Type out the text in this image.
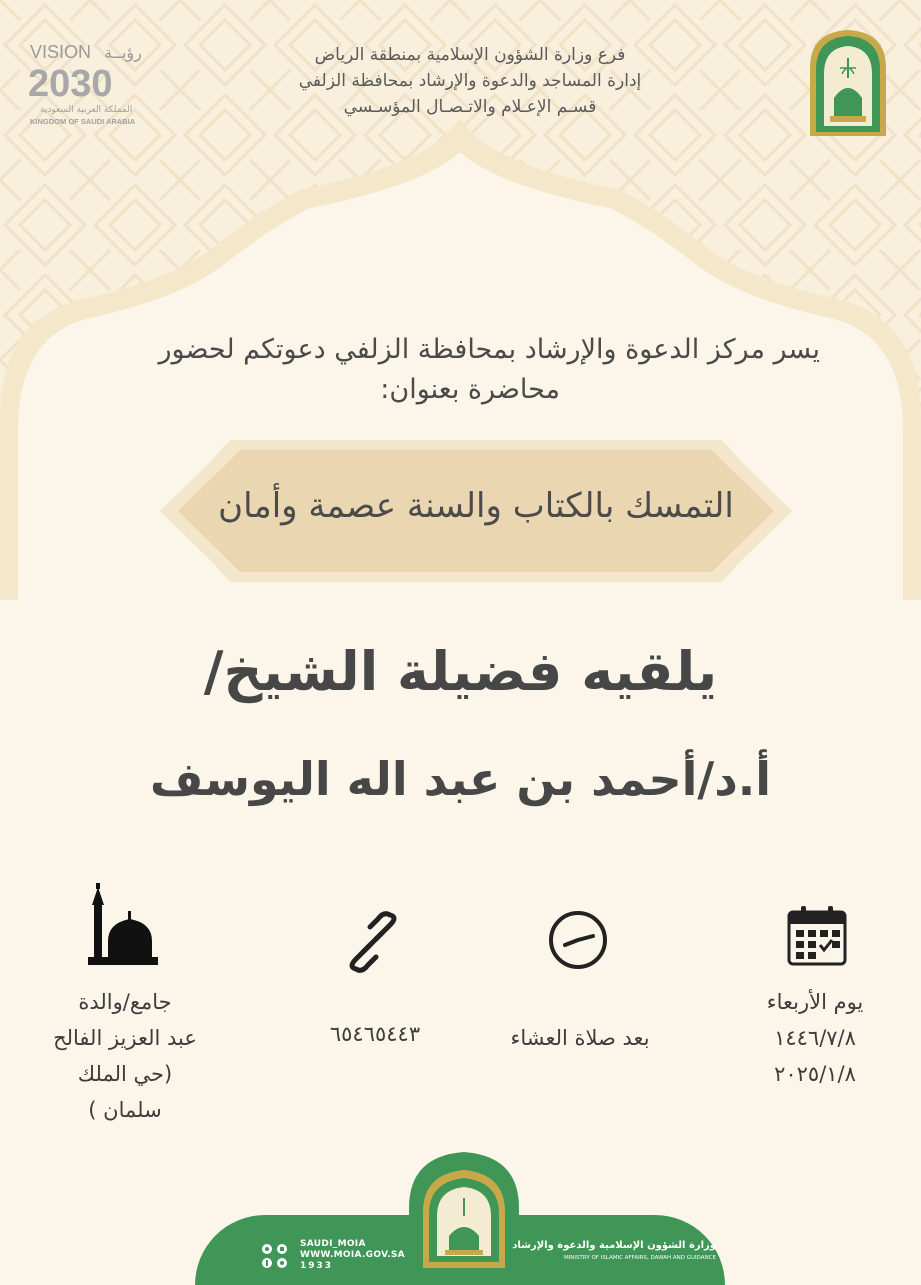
VISION رؤيــة
2030
المملكة العربية السعودية
KINGDOM OF SAUDI ARABIA
فرع وزارة الشؤون الإسلامية بمنطقة الرياض
إدارة المساجد والدعوة والإرشاد بمحافظة الزلفي
قسـم الإعـلام والاتـصـال المؤسـسي
يسر مركز الدعوة والإرشاد بمحافظة الزلفي دعوتكم لحضور
محاضرة بعنوان:
التمسك بالكتاب والسنة عصمة وأمان
يلقيه فضيلة الشيخ/
أ.د/أحمد بن عبد اله اليوسف
يوم الأربعاء
١٤٤٦/٧/٨
٢٠٢٥/١/٨
بعد صلاة العشاء
٦٥٤٦٥٤٤٣
جامع/والدة
عبد العزيز الفالح
(حي الملك
سلمان )
وزارة الشؤون الإسلامية والدعوة والإرشاد
MINISTRY OF ISLAMIC AFFAIRS, DAWAH AND GUIDANCE
SAUDI_MOIA
WWW.MOIA.GOV.SA
1933
